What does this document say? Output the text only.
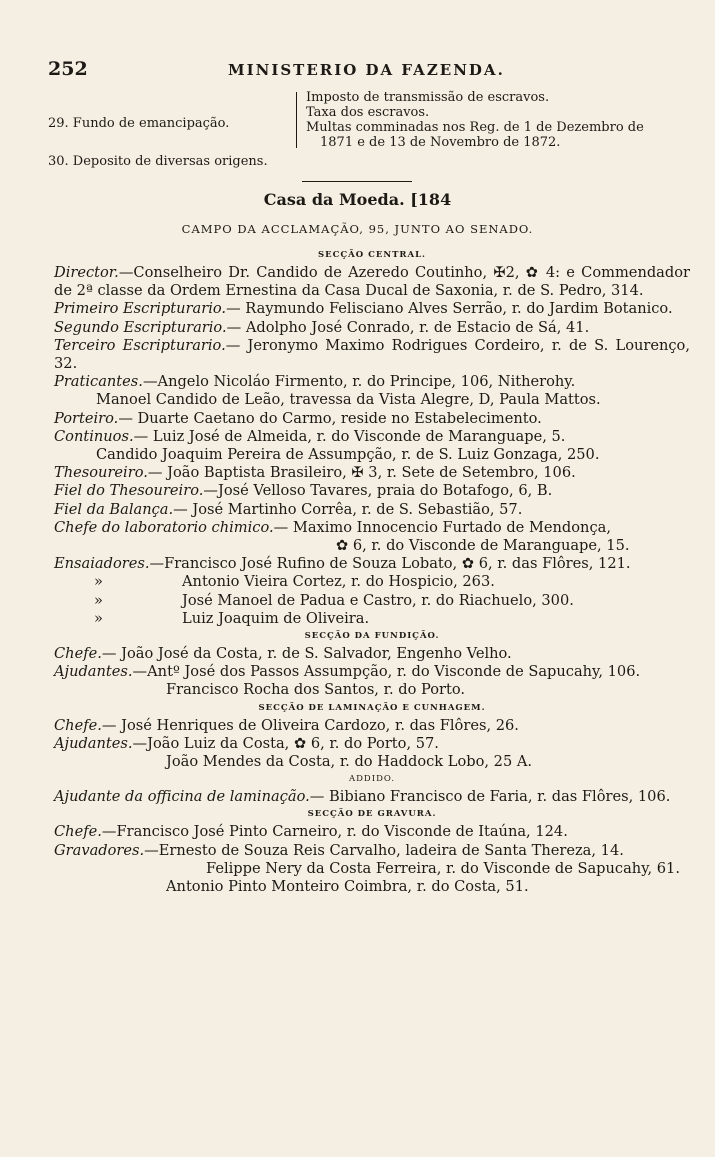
252	MINISTERIO DA FAZENDA.
29. Fundo de emancipação.
Imposto de transmissão de escravos.
Taxa dos escravos.
Multas comminadas nos Reg. de 1 de Dezembro de
1871 e de 13 de Novembro de 1872.
30. Deposito de diversas origens.
Casa da Moeda. [184
CAMPO DA ACCLAMAÇÃO, 95, JUNTO AO SENADO.
SECÇÃO CENTRAL.

Director.—Conselheiro Dr. Candido de Azeredo Coutinho, ✠2, ✿ 4: e Commendador de 2ª classe da Ordem Ernestina da Casa Ducal de Saxonia, r. de S. Pedro, 314.

Primeiro Escripturario.— Raymundo Felisciano Alves Serrão, r. do Jardim Botanico.

Segundo Escripturario.— Adolpho José Conrado, r. de Estacio de Sá, 41.

Terceiro Escripturario.— Jeronymo Maximo Rodrigues Cordeiro, r. de S. Lourenço, 32.

Praticantes.—Angelo Nicoláo Firmento, r. do Principe, 106, Nitherohy.

Manoel Candido de Leão, travessa da Vista Alegre, D, Paula Mattos.

Porteiro.— Duarte Caetano do Carmo, reside no Estabelecimento.

Continuos.— Luiz José de Almeida, r. do Visconde de Maranguape, 5.

Candido Joaquim Pereira de Assumpção, r. de S. Luiz Gonzaga, 250.

Thesoureiro.— João Baptista Brasileiro, ✠ 3, r. Sete de Setembro, 106.

Fiel do Thesoureiro.—José Velloso Tavares, praia do Botafogo, 6, B.

Fiel da Balança.— José Martinho Corrêa, r. de S. Sebastião, 57.

Chefe do laboratorio chimico.— Maximo Innocencio Furtado de Mendonça,

✿ 6, r. do Visconde de Maranguape, 15.

Ensaiadores.—Francisco José Rufino de Souza Lobato, ✿ 6, r. das Flôres, 121.

»	Antonio Vieira Cortez, r. do Hospicio, 263.

»	José Manoel de Padua e Castro, r. do Riachuelo, 300.

»	Luiz Joaquim de Oliveira.

SECÇÃO DA FUNDIÇÃO.

Chefe.— João José da Costa, r. de S. Salvador, Engenho Velho.

Ajudantes.—Antº José dos Passos Assumpção, r. do Visconde de Sapucahy, 106.

Francisco Rocha dos Santos, r. do Porto.

SECÇÃO DE LAMINAÇÃO E CUNHAGEM.

Chefe.— José Henriques de Oliveira Cardozo, r. das Flôres, 26.

Ajudantes.—João Luiz da Costa, ✿ 6, r. do Porto, 57.

João Mendes da Costa, r. do Haddock Lobo, 25 A.

ADDIDO.

Ajudante da officina de laminação.— Bibiano Francisco de Faria, r. das Flôres, 106.

SECÇÃO DE GRAVURA.

Chefe.—Francisco José Pinto Carneiro, r. do Visconde de Itaúna, 124.

Gravadores.—Ernesto de Souza Reis Carvalho, ladeira de Santa Thereza, 14.

Felippe Nery da Costa Ferreira, r. do Visconde de Sapucahy, 61.

Antonio Pinto Monteiro Coimbra, r. do Costa, 51.
